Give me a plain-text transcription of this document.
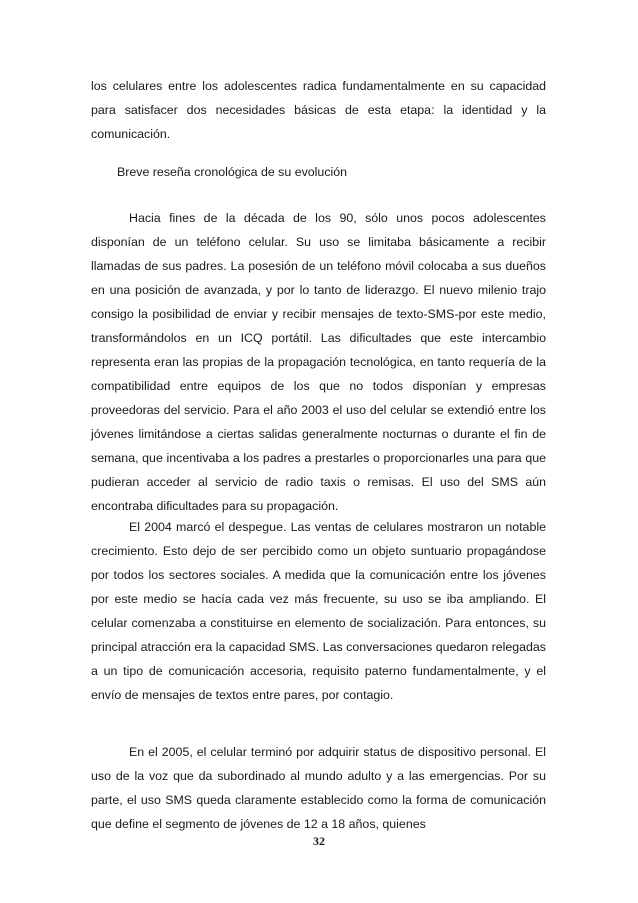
los celulares entre los adolescentes radica fundamentalmente en su capacidad para satisfacer dos necesidades básicas de esta etapa: la identidad y la comunicación.

Breve reseña cronológica de su evolución

Hacia fines de la década de los 90, sólo unos pocos adolescentes disponían de un teléfono celular. Su uso se limitaba básicamente a recibir llamadas de sus padres. La posesión de un teléfono móvil colocaba a sus dueños en una posición de avanzada, y por lo tanto de liderazgo. El nuevo milenio trajo consigo la posibilidad de enviar y recibir mensajes de texto-SMS-por este medio, transformándolos en un ICQ portátil. Las dificultades que este intercambio representa eran las propias de la propagación tecnológica, en tanto requería de la compatibilidad entre equipos de los que no todos disponían y empresas proveedoras del servicio. Para el año 2003 el uso del celular se extendió entre los jóvenes limitándose a ciertas salidas generalmente nocturnas o durante el fin de semana, que incentivaba a los padres a prestarles o proporcionarles una para que pudieran acceder al servicio de radio taxis o remisas. El uso del SMS aún encontraba dificultades para su propagación.

El 2004 marcó el despegue. Las ventas de celulares mostraron un notable crecimiento. Esto dejo de ser percibido como un objeto suntuario propagándose por todos los sectores sociales. A medida que la comunicación entre los jóvenes por este medio se hacía cada vez más frecuente, su uso se iba ampliando. El celular comenzaba a constituirse en elemento de socialización. Para entonces, su principal atracción era la capacidad SMS. Las conversaciones quedaron relegadas a un tipo de comunicación accesoria, requisito paterno fundamentalmente, y el envío de mensajes de textos entre pares, por contagio.

En el 2005, el celular terminó por adquirir status de dispositivo personal. El uso de la voz que da subordinado al mundo adulto y a las emergencias. Por su parte, el uso SMS queda claramente establecido como la forma de comunicación que define el segmento de jóvenes de 12 a 18 años, quienes

32
